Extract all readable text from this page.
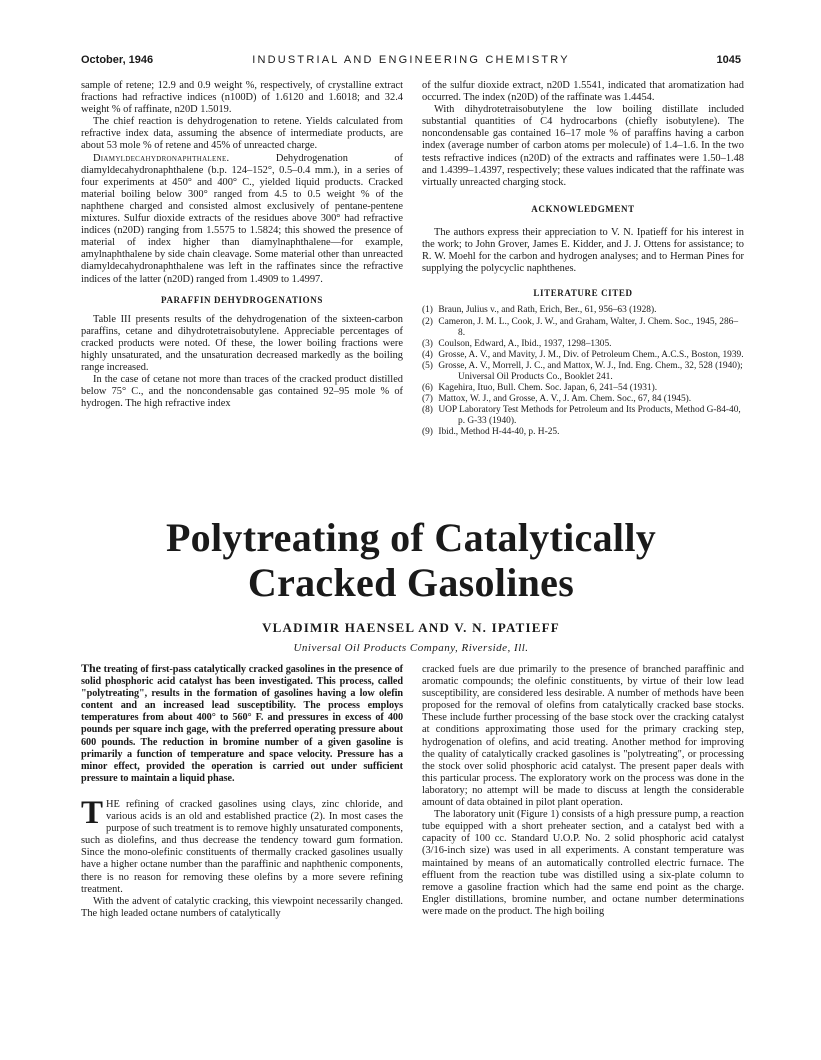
October, 1946	INDUSTRIAL AND ENGINEERING CHEMISTRY	1045

sample of retene; 12.9 and 0.9 weight %, respectively, of crystalline extract fractions had refractive indices (n100D) of 1.6120 and 1.6018; and 32.4 weight % of raffinate, n20D 1.5019.

The chief reaction is dehydrogenation to retene. Yields calculated from refractive index data, assuming the absence of intermediate products, are about 53 mole % of retene and 45% of unreacted charge.

Diamyldecahydronaphthalene.	Dehydrogenation of diamyldecahydronaphthalene (b.p. 124–152°, 0.5–0.4 mm.), in a series of four experiments at 450° and 400° C., yielded liquid products. Cracked material boiling below 300° ranged from 4.5 to 0.5 weight % of the naphthene charged and consisted almost exclusively of pentane-pentene mixtures. Sulfur dioxide extracts of the residues above 300° had refractive indices (n20D) ranging from 1.5575 to 1.5824; this showed the presence of material of index higher than diamylnaphthalene—for example, amylnaphthalene by side chain cleavage. Some material other than unreacted diamyldecahydronaphthalene was left in the raffinates since the refractive indices of the latter (n20D) ranged from 1.4909 to 1.4997.

PARAFFIN DEHYDROGENATIONS

Table III presents results of the dehydrogenation of the sixteen-carbon paraffins, cetane and dihydrotetraisobutylene. Appreciable percentages of cracked products were noted. Of these, the lower boiling fractions were highly unsaturated, and the unsaturation decreased markedly as the boiling range increased.

In the case of cetane not more than traces of the cracked product distilled below 75° C., and the noncondensable gas contained 92–95 mole % of hydrogen. The high refractive index

of the sulfur dioxide extract, n20D 1.5541, indicated that aromatization had occurred. The index (n20D) of the raffinate was 1.4454.

With dihydrotetraisobutylene the low boiling distillate included substantial quantities of C4 hydrocarbons (chiefly isobutylene). The noncondensable gas contained 16–17 mole % of paraffins having a carbon index (average number of carbon atoms per molecule) of 1.4–1.6. In the two tests refractive indices (n20D) of the extracts and raffinates were 1.50–1.48 and 1.4399–1.4397, respectively; these values indicated that the raffinate was virtually unreacted charging stock.

ACKNOWLEDGMENT

The authors express their appreciation to V. N. Ipatieff for his interest in the work; to John Grover, James E. Kidder, and J. J. Ottens for assistance; to R. W. Moehl for the carbon and hydrogen analyses; and to Herman Pines for supplying the polycyclic naphthenes.

LITERATURE CITED

(1) Braun, Julius v., and Rath, Erich, Ber., 61, 956–63 (1928).
(2) Cameron, J. M. L., Cook, J. W., and Graham, Walter, J. Chem. Soc., 1945, 286–8.
(3) Coulson, Edward, A., Ibid., 1937, 1298–1305.
(4) Grosse, A. V., and Mavity, J. M., Div. of Petroleum Chem., A.C.S., Boston, 1939.
(5) Grosse, A. V., Morrell, J. C., and Mattox, W. J., Ind. Eng. Chem., 32, 528 (1940); Universal Oil Products Co., Booklet 241.
(6) Kagehira, Ituo, Bull. Chem. Soc. Japan, 6, 241–54 (1931).
(7) Mattox, W. J., and Grosse, A. V., J. Am. Chem. Soc., 67, 84 (1945).
(8) UOP Laboratory Test Methods for Petroleum and Its Products, Method G-84-40, p. G-33 (1940).
(9) Ibid., Method H-44-40, p. H-25.
Polytreating of Catalytically
Cracked Gasolines
VLADIMIR HAENSEL AND V. N. IPATIEFF
Universal Oil Products Company, Riverside, Ill.

The treating of first-pass catalytically cracked gasolines in the presence of solid phosphoric acid catalyst has been investigated. This process, called "polytreating", results in the formation of gasolines having a low olefin content and an increased lead susceptibility. The process employs temperatures from about 400° to 560° F. and pressures in excess of 400 pounds per square inch gage, with the preferred operating pressure about 600 pounds. The reduction in bromine number of a given gasoline is primarily a function of temperature and space velocity. Pressure has a minor effect, provided the operation is carried out under sufficient pressure to maintain a liquid phase.

THE refining of cracked gasolines using clays, zinc chloride, and various acids is an old and established practice (2). In most cases the purpose of such treatment is to remove highly unsaturated components, such as diolefins, and thus decrease the tendency toward gum formation. Since the mono-olefinic constituents of thermally cracked gasolines usually have a higher octane number than the paraffinic and naphthenic components, there is no reason for removing these olefins by a more severe refining treatment.

With the advent of catalytic cracking, this viewpoint necessarily changed. The high leaded octane numbers of catalytically

cracked fuels are due primarily to the presence of branched paraffinic and aromatic compounds; the olefinic constituents, by virtue of their low lead susceptibility, are considered less desirable. A number of methods have been proposed for the removal of olefins from catalytically cracked base stocks. These include further processing of the base stock over the cracking catalyst at conditions approximating those used for the primary cracking step, hydrogenation of olefins, and acid treating. Another method for improving the quality of catalytically cracked gasolines is "polytreating", or processing the stock over solid phosphoric acid catalyst. The present paper deals with this particular process. The exploratory work on the process was done in the laboratory; no attempt will be made to discuss at length the considerable amount of data obtained in pilot plant operation.

The laboratory unit (Figure 1) consists of a high pressure pump, a reaction tube equipped with a short preheater section, and a catalyst bed with a capacity of 100 cc. Standard U.O.P. No. 2 solid phosphoric acid catalyst (3/16-inch size) was used in all experiments. A constant temperature was maintained by means of an automatically controlled electric furnace. The effluent from the reaction tube was distilled using a six-plate column to remove a gasoline fraction which had the same end point as the charge. Engler distillations, bromine number, and octane number determinations were made on the product. The high boiling
